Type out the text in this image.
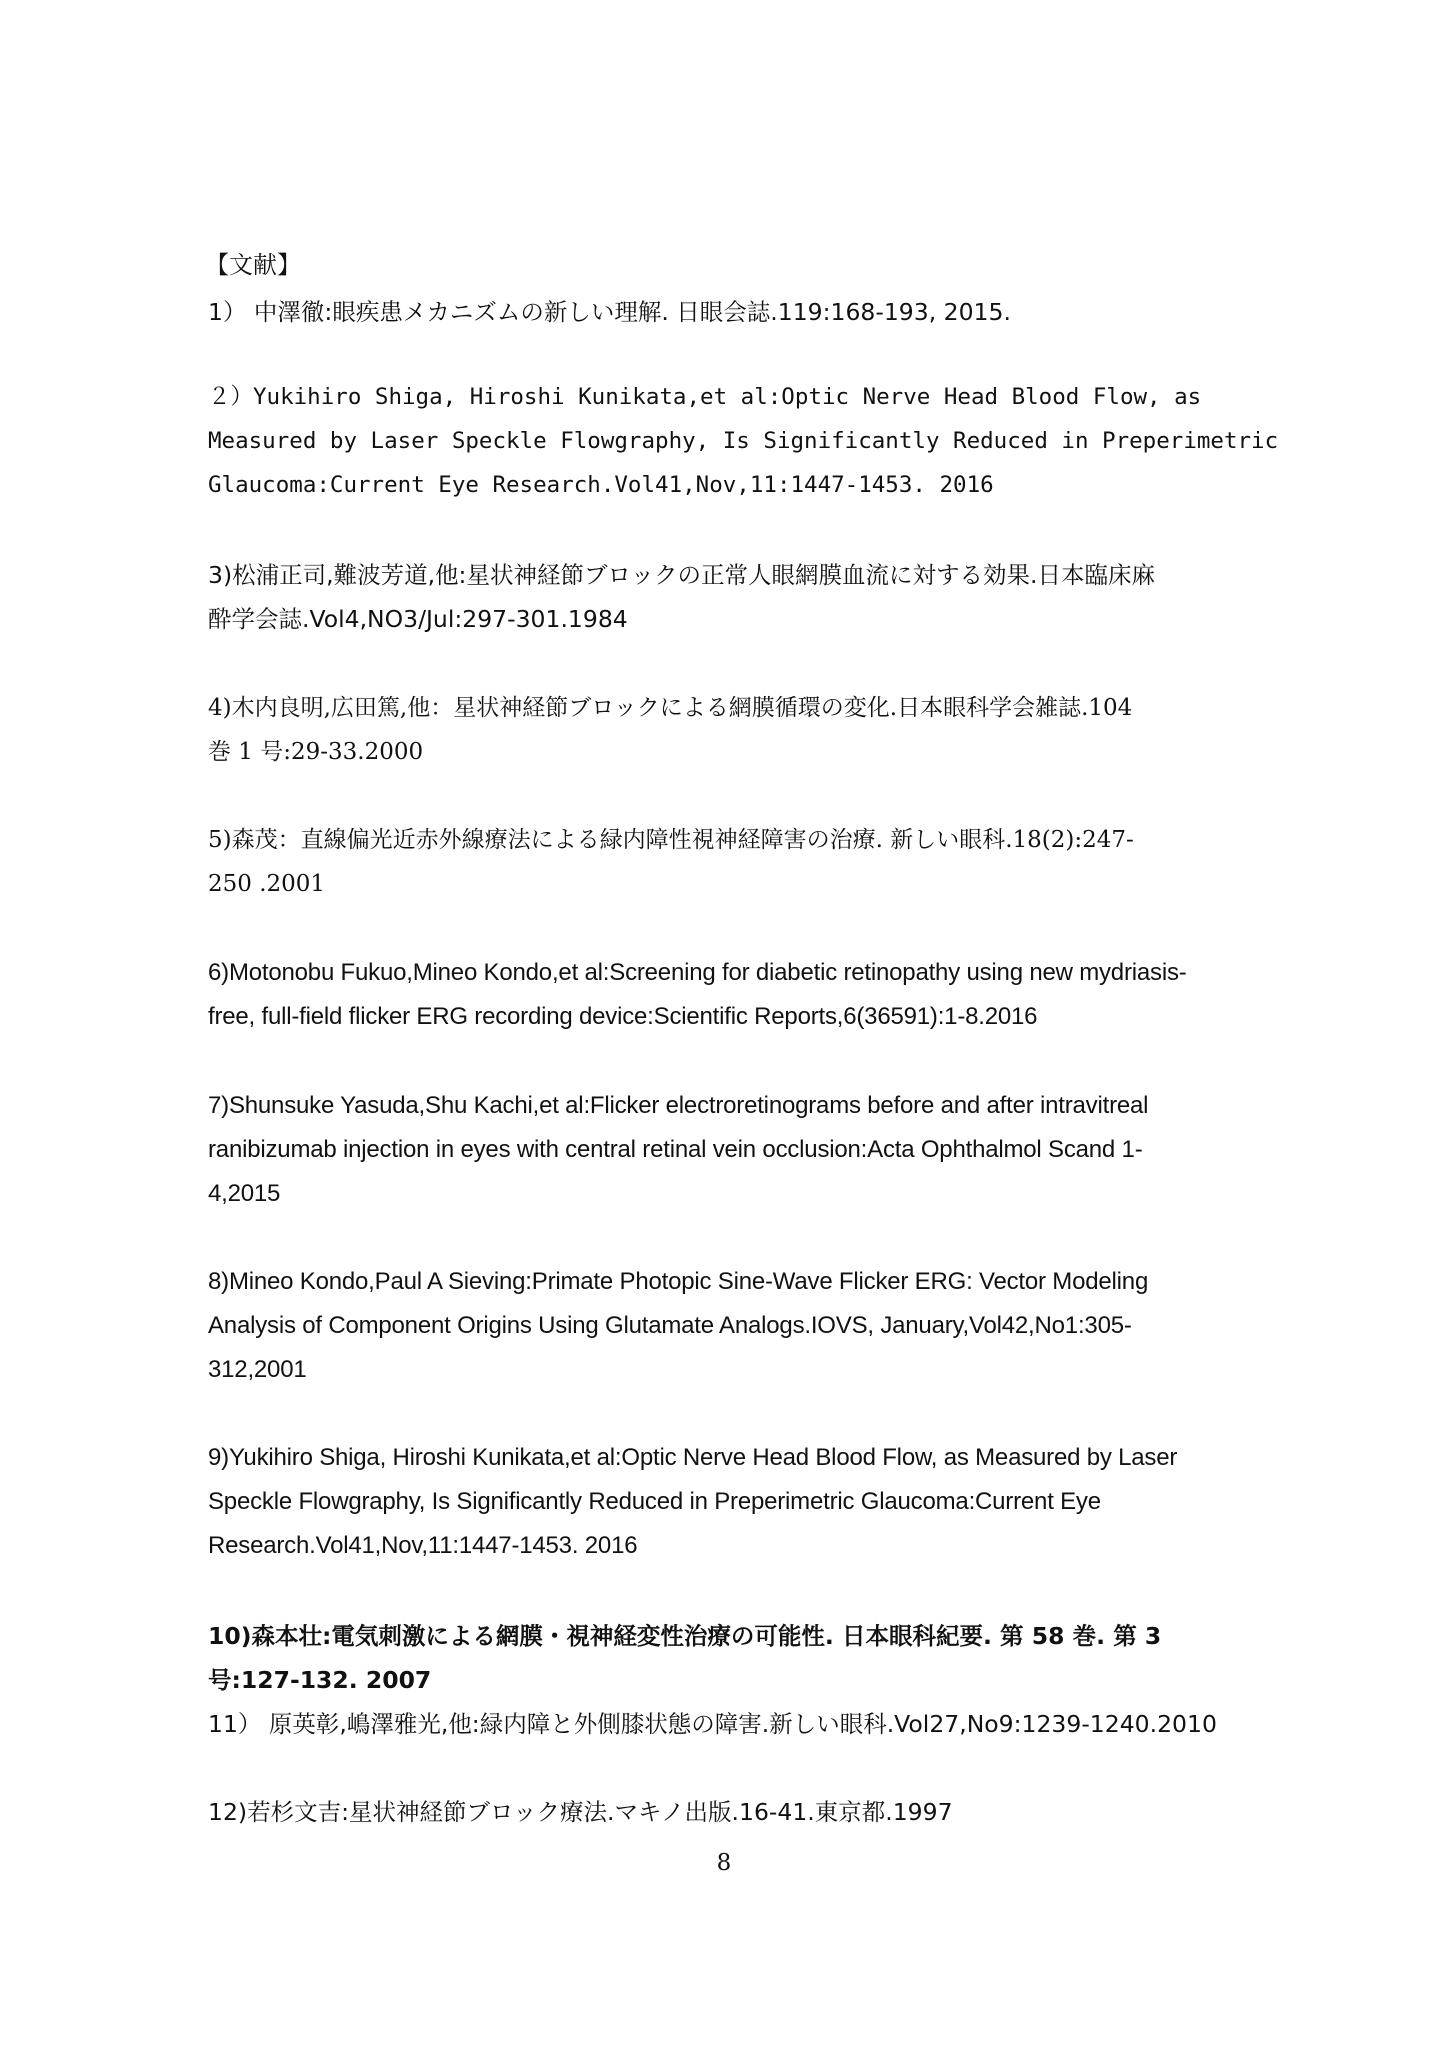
【文献】
1） 中澤徹:眼疾患メカニズムの新しい理解. 日眼会誌.119:168-193, 2015.
２）Yukihiro Shiga, Hiroshi Kunikata,et al:Optic Nerve Head Blood Flow, as
Measured by Laser Speckle Flowgraphy, Is Significantly Reduced in Preperimetric
Glaucoma:Current Eye Research.Vol41,Nov,11:1447-1453. 2016
3)松浦正司,難波芳道,他:星状神経節ブロックの正常人眼網膜血流に対する効果.日本臨床麻
酔学会誌.Vol4,NO3/Jul:297-301.1984
4)木内良明,広田篤,他：星状神経節ブロックによる網膜循環の変化.日本眼科学会雑誌.104
巻 1 号:29-33.2000
5)森茂：直線偏光近赤外線療法による緑内障性視神経障害の治療. 新しい眼科.18(2):247-
250 .2001
6)Motonobu Fukuo,Mineo Kondo,et al:Screening for diabetic retinopathy using new mydriasis-
free, full-field flicker ERG recording device:Scientific Reports,6(36591):1-8.2016
7)Shunsuke Yasuda,Shu Kachi,et al:Flicker electroretinograms before and after intravitreal
ranibizumab injection in eyes with central retinal vein occlusion:Acta Ophthalmol Scand 1-
4,2015
8)Mineo Kondo,Paul A Sieving:Primate Photopic Sine-Wave Flicker ERG: Vector Modeling
Analysis of Component Origins Using Glutamate Analogs.IOVS, January,Vol42,No1:305-
312,2001
9)Yukihiro Shiga, Hiroshi Kunikata,et al:Optic Nerve Head Blood Flow, as Measured by Laser
Speckle Flowgraphy, Is Significantly Reduced in Preperimetric Glaucoma:Current Eye
Research.Vol41,Nov,11:1447-1453. 2016
10)森本壮:電気刺激による網膜・視神経変性治療の可能性. 日本眼科紀要. 第 58 巻. 第 3
号:127-132. 2007
11） 原英彰,嶋澤雅光,他:緑内障と外側膝状態の障害.新しい眼科.Vol27,No9:1239-1240.2010
12)若杉文吉:星状神経節ブロック療法.マキノ出版.16-41.東京都.1997
8
